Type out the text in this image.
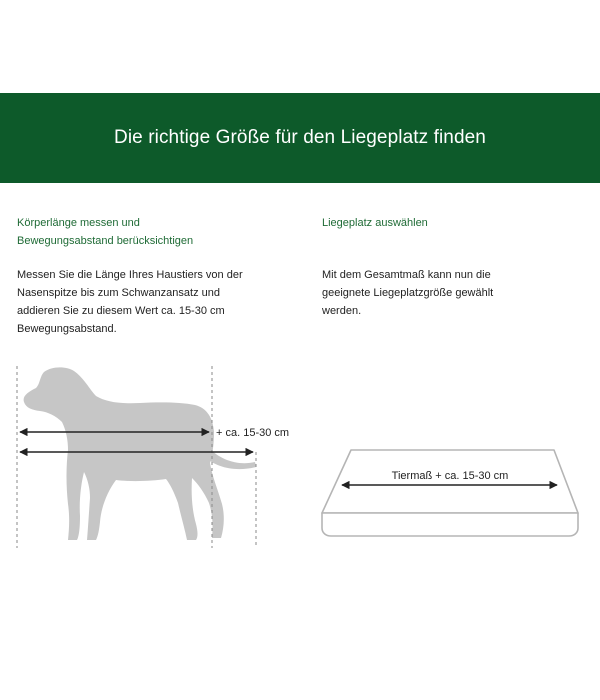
Die richtige Größe für den Liegeplatz finden

Körperlänge messen und
Bewegungsabstand berücksichtigen

Messen Sie die Länge Ihres Haustiers von der
Nasenspitze bis zum Schwanzansatz und
addieren Sie zu diesem Wert ca. 15-30 cm
Bewegungsabstand.

Liegeplatz auswählen

Mit dem Gesamtmaß kann nun die
geeignete Liegeplatzgröße gewählt
werden.

+ ca. 15-30 cm
Tiermaß + ca. 15-30 cm
